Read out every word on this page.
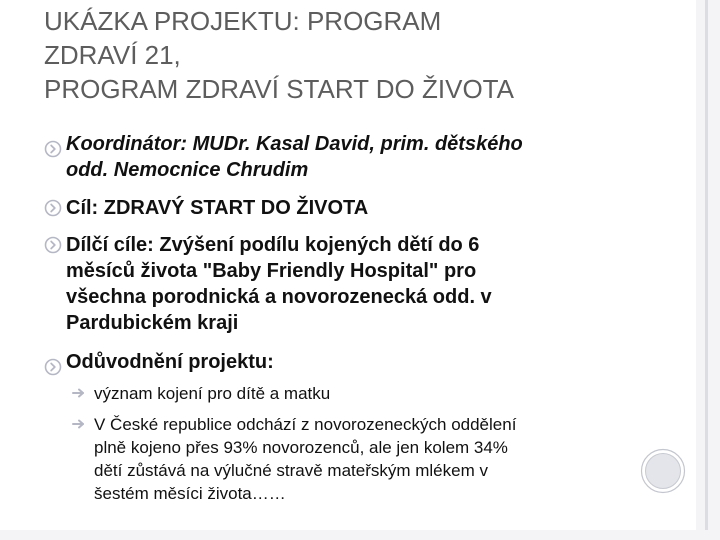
UKÁZKA PROJEKTU: PROGRAM
ZDRAVÍ 21,
PROGRAM ZDRAVÍ START DO ŽIVOTA
Koordinátor: MUDr. Kasal David, prim. dětského
odd. Nemocnice Chrudim
Cíl: ZDRAVÝ START DO ŽIVOTA
Dílčí cíle: Zvýšení podílu kojených dětí do 6
měsíců života "Baby Friendly Hospital" pro
všechna porodnická a novorozenecká odd. v
Pardubickém kraji
Odůvodnění projektu:
význam kojení pro dítě a matku
V České republice odchází z novorozeneckých oddělení
plně kojeno přes 93% novorozenců, ale jen kolem 34%
dětí zůstává na výlučné stravě mateřským mlékem v
šestém měsíci života……
